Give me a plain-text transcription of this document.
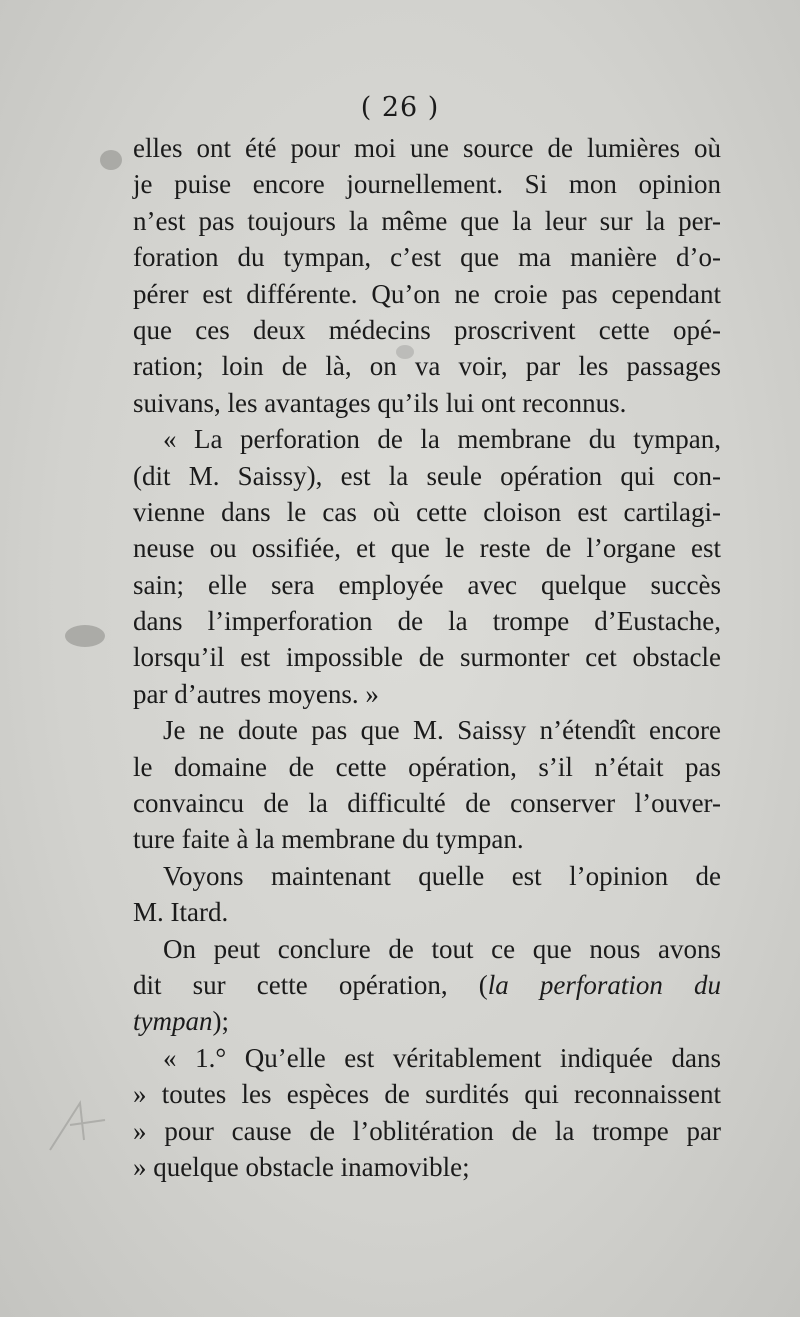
( 26 )
elles ont été pour moi une source de lumières où
je puise encore journellement. Si mon opinion
n’est pas toujours la même que la leur sur la per-
foration du tympan, c’est que ma manière d’o-
pérer est différente. Qu’on ne croie pas cependant
que ces deux médecins proscrivent cette opé-
ration; loin de là, on va voir, par les passages
suivans, les avantages qu’ils lui ont reconnus.
« La perforation de la membrane du tympan,
(dit M. Saissy), est la seule opération qui con-
vienne dans le cas où cette cloison est cartilagi-
neuse ou ossifiée, et que le reste de l’organe est
sain; elle sera employée avec quelque succès
dans l’imperforation de la trompe d’Eustache,
lorsqu’il est impossible de surmonter cet obstacle
par d’autres moyens. »
Je ne doute pas que M. Saissy n’étendît encore
le domaine de cette opération, s’il n’était pas
convaincu de la difficulté de conserver l’ouver-
ture faite à la membrane du tympan.
Voyons maintenant quelle est l’opinion de
M. Itard.
On peut conclure de tout ce que nous avons
dit sur cette opération, (la perforation du
tympan);
« 1.° Qu’elle est véritablement indiquée dans
» toutes les espèces de surdités qui reconnaissent
» pour cause de l’oblitération de la trompe par
» quelque obstacle inamovible;
